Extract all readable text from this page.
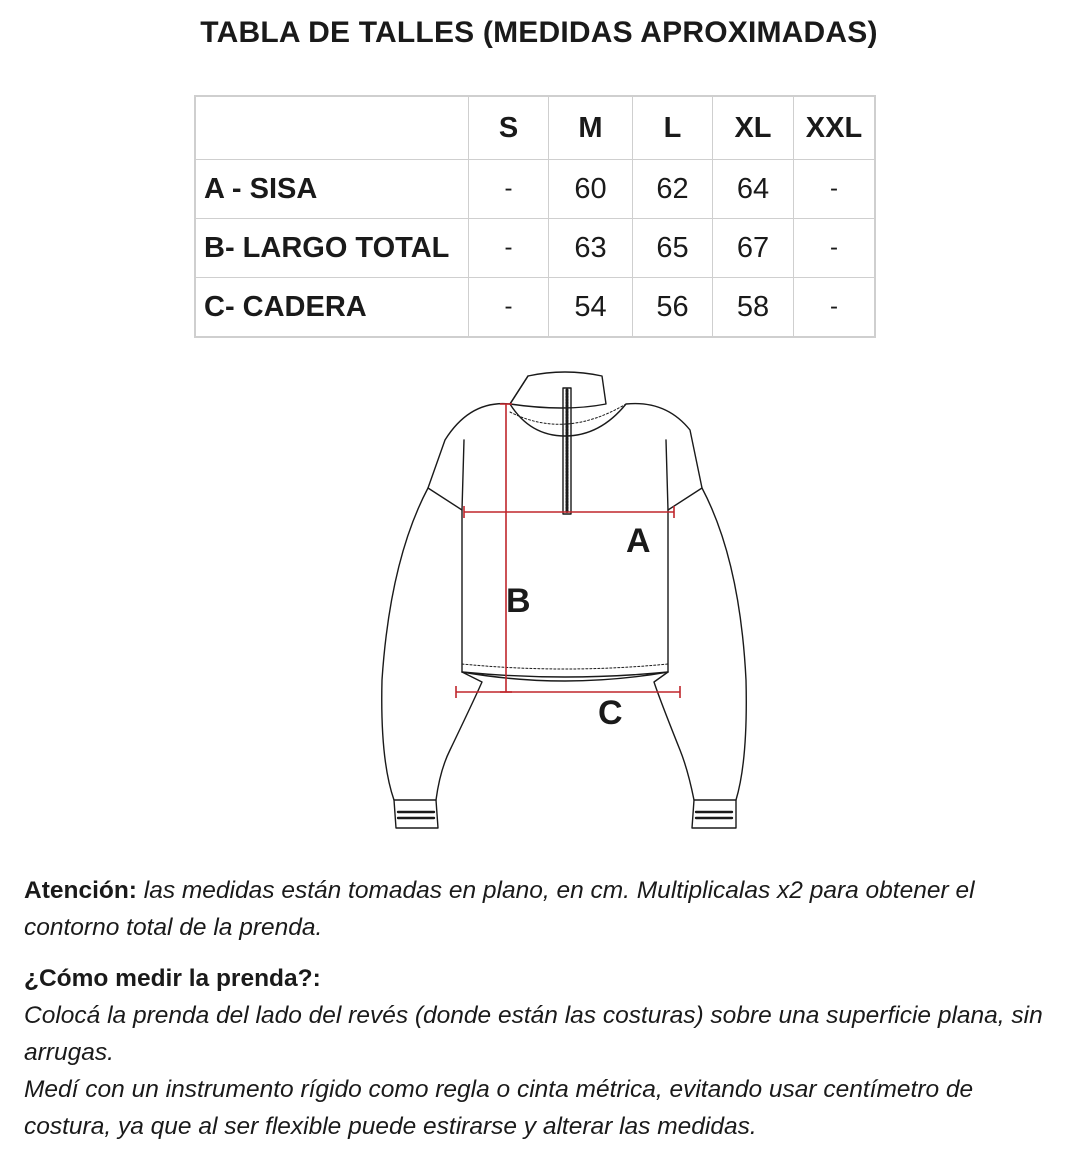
TABLA DE TALLES (MEDIDAS APROXIMADAS)
	S	M	L	XL	XXL
A - SISA	-	60	62	64	-
B- LARGO TOTAL	-	63	65	67	-
C- CADERA	-	54	56	58	-
A
B
C

Atención: las medidas están tomadas en plano, en cm. Multiplicalas x2 para obtener el contorno total de la prenda.

¿Cómo medir la prenda?:

Colocá la prenda del lado del revés (donde están las costuras) sobre una superficie plana, sin arrugas.

Medí con un instrumento rígido como regla o cinta métrica, evitando usar centímetro de costura, ya que al ser flexible puede estirarse y alterar las medidas.
